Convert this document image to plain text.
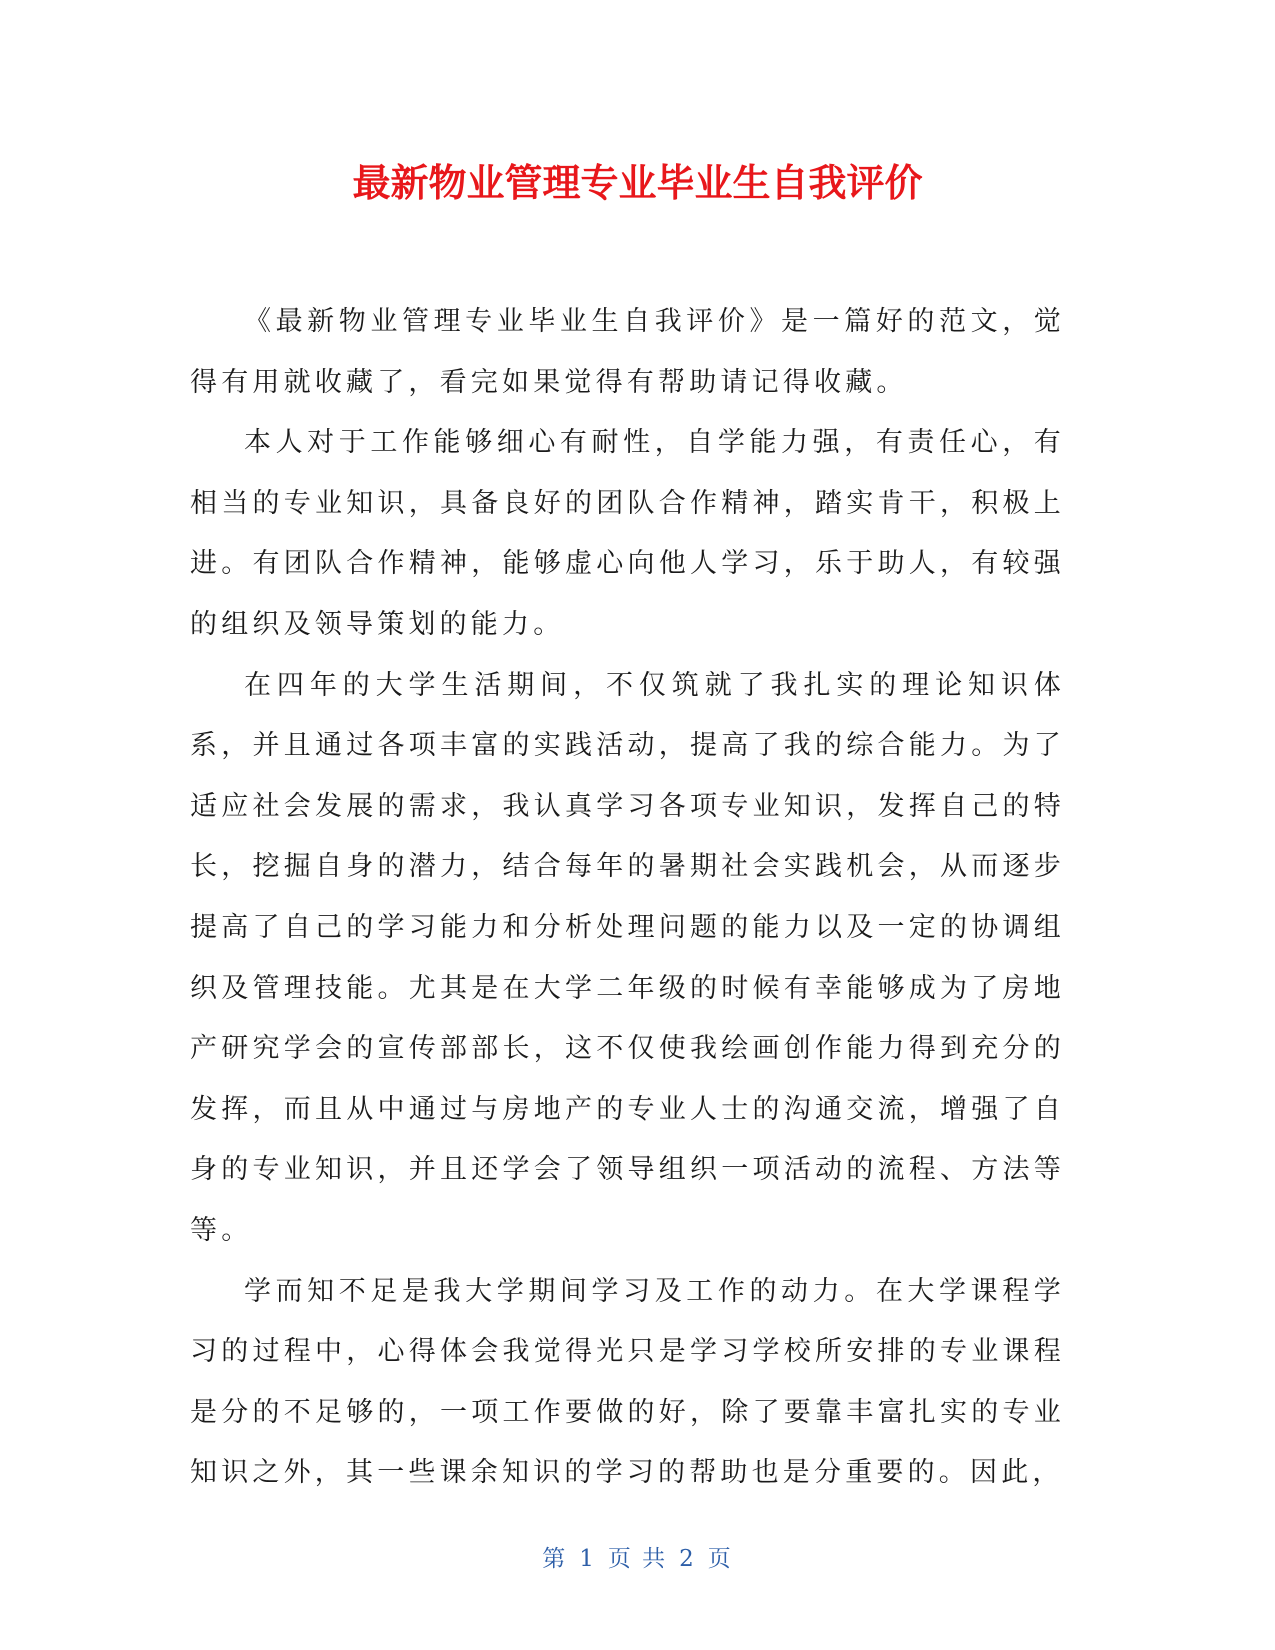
最新物业管理专业毕业生自我评价

《最新物业管理专业毕业生自我评价》是一篇好的范文，觉得有用就收藏了，看完如果觉得有帮助请记得收藏。

本人对于工作能够细心有耐性，自学能力强，有责任心，有相当的专业知识，具备良好的团队合作精神，踏实肯干，积极上进。有团队合作精神，能够虚心向他人学习，乐于助人，有较强的组织及领导策划的能力。

在四年的大学生活期间，不仅筑就了我扎实的理论知识体系，并且通过各项丰富的实践活动，提高了我的综合能力。为了适应社会发展的需求，我认真学习各项专业知识，发挥自己的特长，挖掘自身的潜力，结合每年的暑期社会实践机会，从而逐步提高了自己的学习能力和分析处理问题的能力以及一定的协调组织及管理技能。尤其是在大学二年级的时候有幸能够成为了房地产研究学会的宣传部部长，这不仅使我绘画创作能力得到充分的发挥，而且从中通过与房地产的专业人士的沟通交流，增强了自身的专业知识，并且还学会了领导组织一项活动的流程、方法等等。

学而知不足是我大学期间学习及工作的动力。在大学课程学习的过程中，心得体会我觉得光只是学习学校所安排的专业课程是分的不足够的，一项工作要做的好，除了要靠丰富扎实的专业知识之外，其一些课余知识的学习的帮助也是分重要的。因此，

第 1 页 共 2 页
